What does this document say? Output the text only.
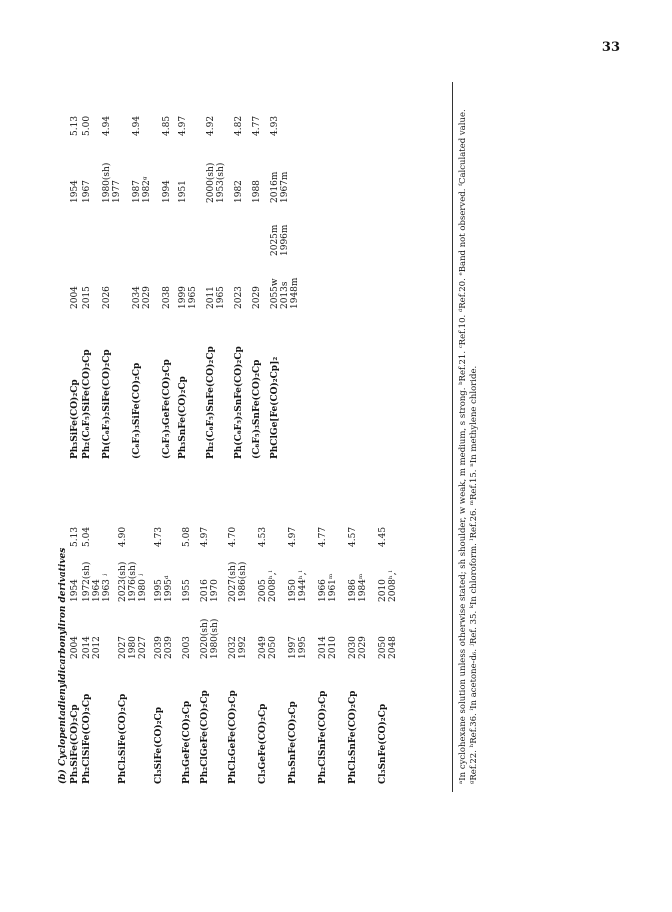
33
(b) Cyclopentadienyldicarbonyliron derivatives Ph₃SiFe(CO)₂Cp
2004
1954
5.13
Ph₂ClSiFe(CO)₂Cp
2014 2012
1972(sh) 1964 1963 ʲ
5.04
PhCl₂SiFe(CO)₂Cp
2027 1980 2027
2023(sh) 1976(sh) 1980 ʲ
4.90
Cl₃SiFe(CO)₂Cp
2039 2039
1995 1995ᵈ
4.73
Ph₃GeFe(CO)₂Cp
2003
1955
5.08
Ph₂ClGeFe(CO)₂Cp
2020(sh) 1980(sh)
2016 1970
4.97
PhCl₂GeFe(CO)₂Cp
2032 1992
2027(sh) 1986(sh)
4.70
Cl₃GeFe(CO)₂Cp
2049 2050
2005 2008ʰ,ˡ
4.53
Ph₃SnFe(CO)₂Cp
1997 1995
1950 1944ʰ,ˡ
4.97
Ph₂ClSnFe(CO)₂Cp
2014 2010
1966 1961ᵐ
4.77
PhCl₂SnFe(CO)₂Cp
2030 2029
1986 1984ᵐ
4.57
Cl₃SnFe(CO)₂Cp
2050 2048
2010 2008ʰ,ˡ
4.45
Ph₃SiFe(CO)₂Cp
2004
1954
5.13
Ph₂(C₆F₅)SiFe(CO)₂Cp
2015
1967
5.00
Ph(C₆F₅)₂SiFe(CO)₂Cp
2026
1980(sh) 1977
4.94
(C₆F₅)₃SiFe(CO)₂Cp
2034 2029
1987 1982ᵍ
4.94
(C₆F₅)₃GeFe(CO)₂Cp
2038
1994
4.85
Ph₃SnFe(CO)₂Cp
1999 1965
1951
4.97
Ph₂(C₆F₅)SnFe(CO)₂Cp
2011 1965
2000(sh) 1953(sh)
4.92
Ph(C₆F₅)₂SnFe(CO)₂Cp
2023
1982
4.82
(C₆F₅)₃SnFe(CO)₂Cp
2029
1988
4.77
PhClGe[Fe(CO)₂Cp]₂
2055w 2013s 1948m
2025m 1996m
2016m 1967m
4.93	ᵃIn cyclohexane solution unless otherwise stated; sh shoulder, w weak, m medium, s strong. ᵇRef.21. ᶜRef.10. ᵈRef.20. ᵉBand not observed. ᶠCalculated value. ᵍRef.22. ʰRef.36. ⁱIn acetone-d₆. ʲRef. 35. ᵏIn chloroform. ˡRef.26. ᵐRef.15. ⁿIn methylene chloride.
